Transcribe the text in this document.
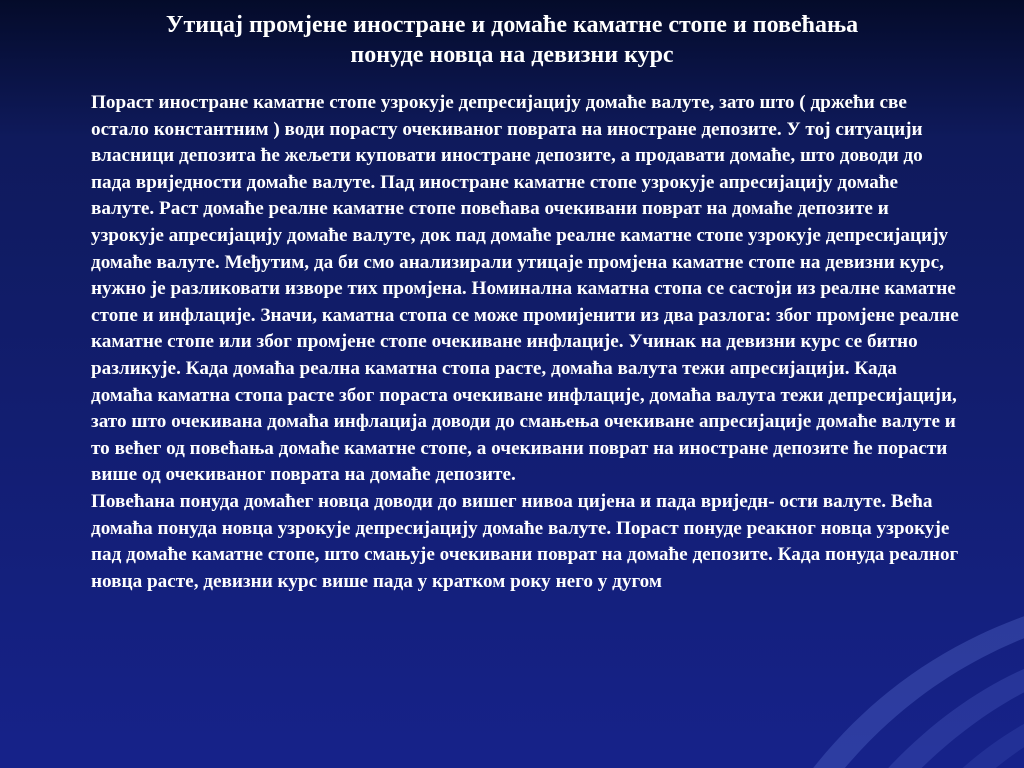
Утицај промјене иностране и домаће каматне стопе и повећања
понуде новца на девизни курс

Пораст иностране каматне стопе узрокује депресијацију домаће валуте, зато што ( држећи све остало константним ) води порасту очекиваног поврата на иностране депозите. У тој ситуацији власници депозита ће жељети куповати иностране депозите, а продавати домаће, што доводи до пада вриједности домаће валуте. Пад иностране каматне стопе узрокује апресијацију домаће валуте. Раст домаће реалне каматне стопе повећава очекивани поврат на домаће депозите и узрокује апресијацију домаће валуте, док пад домаће реалне каматне стопе узрокује депресијацију домаће валуте. Међутим, да би смо анализирали утицаје промјена каматне стопе на девизни курс, нужно је разликовати изворе тих промјена. Номинална каматна стопа се састоји из реалне каматне стопе и инфлације. Значи, каматна стопа се може промијенити из два разлога: због промјене реалне каматне стопе или због промјене стопе очекиване инфлације. Учинак на девизни курс се битно разликује. Када домаћа реална каматна стопа расте, домаћа валута тежи апресијацији. Када домаћа каматна стопа расте због пораста очекиване инфлације, домаћа валута тежи депресијацији, зато што очекивана домаћа инфлација доводи до смањења очекиване апресијације домаће валуте и то већег од повећања домаће каматне стопе, а очекивани поврат на иностране депозите ће порасти више од очекиваног поврата на домаће депозите.

Повећана понуда домаћег новца доводи до вишег нивоа цијена и пада вриједн- ости валуте. Већа домаћа понуда новца узрокује депресијацију домаће валуте. Пораст понуде реакног новца узрокује пад домаће каматне стопе, што смањује очекивани поврат на домаће депозите. Када понуда реалног новца расте, девизни курс више пада у кратком року него у дугом
